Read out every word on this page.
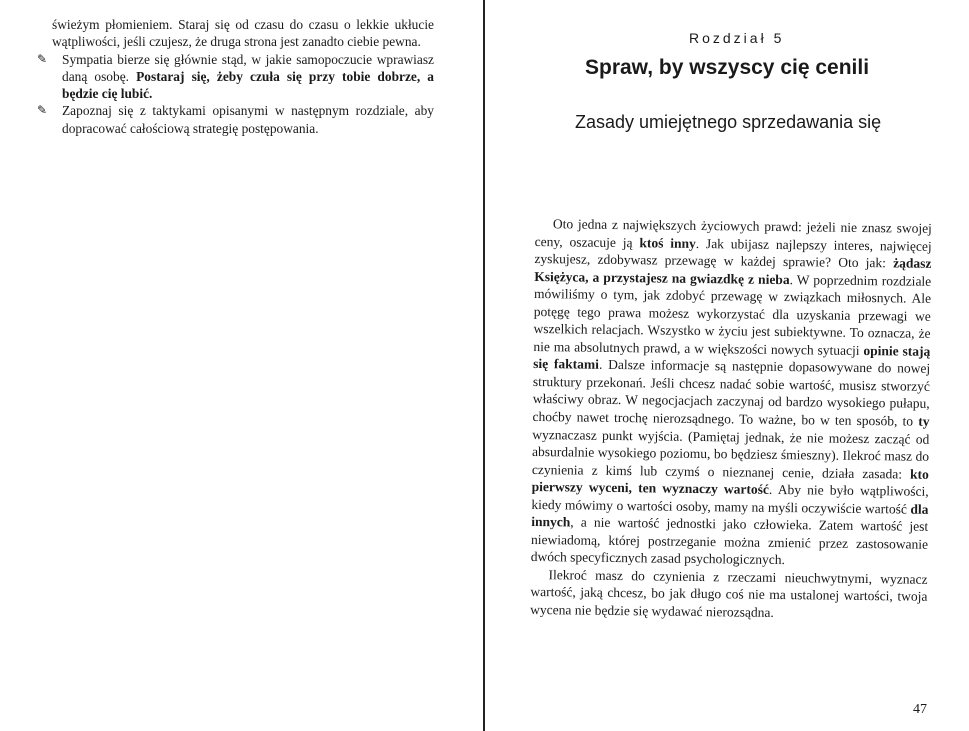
świeżym płomieniem. Staraj się od czasu do czasu o lekkie ukłucie wątpliwości, jeśli czujesz, że druga strona jest zanadto ciebie pewna.

✎ Sympatia bierze się głównie stąd, w jakie samopoczucie wprawiasz daną osobę. Postaraj się, żeby czuła się przy tobie dobrze, a będzie cię lubić.

✎ Zapoznaj się z taktykami opisanymi w następnym rozdziale, aby dopracować całościową strategię postępowania.

Rozdział 5
Spraw, by wszyscy cię cenili
Zasady umiejętnego sprzedawania się

Oto jedna z największych życiowych prawd: jeżeli nie znasz swojej ceny, oszacuje ją ktoś inny. Jak ubijasz najlepszy interes, najwięcej zyskujesz, zdobywasz przewagę w każdej sprawie? Oto jak: żądasz Księżyca, a przystajesz na gwiazdkę z nieba. W poprzednim rozdziale mówiliśmy o tym, jak zdobyć przewagę w związkach miłosnych. Ale potęgę tego prawa możesz wykorzystać dla uzyskania przewagi we wszelkich relacjach. Wszystko w życiu jest subiektywne. To oznacza, że nie ma absolutnych prawd, a w większości nowych sytuacji opinie stają się faktami. Dalsze informacje są następnie dopasowywane do nowej struktury przekonań. Jeśli chcesz nadać sobie wartość, musisz stworzyć właściwy obraz. W negocjacjach zaczynaj od bardzo wysokiego pułapu, choćby nawet trochę nierozsądnego. To ważne, bo w ten sposób, to ty wyznaczasz punkt wyjścia. (Pamiętaj jednak, że nie możesz zacząć od absurdalnie wysokiego poziomu, bo będziesz śmieszny). Ilekroć masz do czynienia z kimś lub czymś o nieznanej cenie, działa zasada: kto pierwszy wyceni, ten wyznaczy wartość. Aby nie było wątpliwości, kiedy mówimy o wartości osoby, mamy na myśli oczywiście wartość dla innych, a nie wartość jednostki jako człowieka. Zatem wartość jest niewiadomą, której postrzeganie można zmienić przez zastosowanie dwóch specyficznych zasad psychologicznych.

Ilekroć masz do czynienia z rzeczami nieuchwytnymi, wyznacz wartość, jaką chcesz, bo jak długo coś nie ma ustalonej wartości, twoja wycena nie będzie się wydawać nierozsądna.

47
